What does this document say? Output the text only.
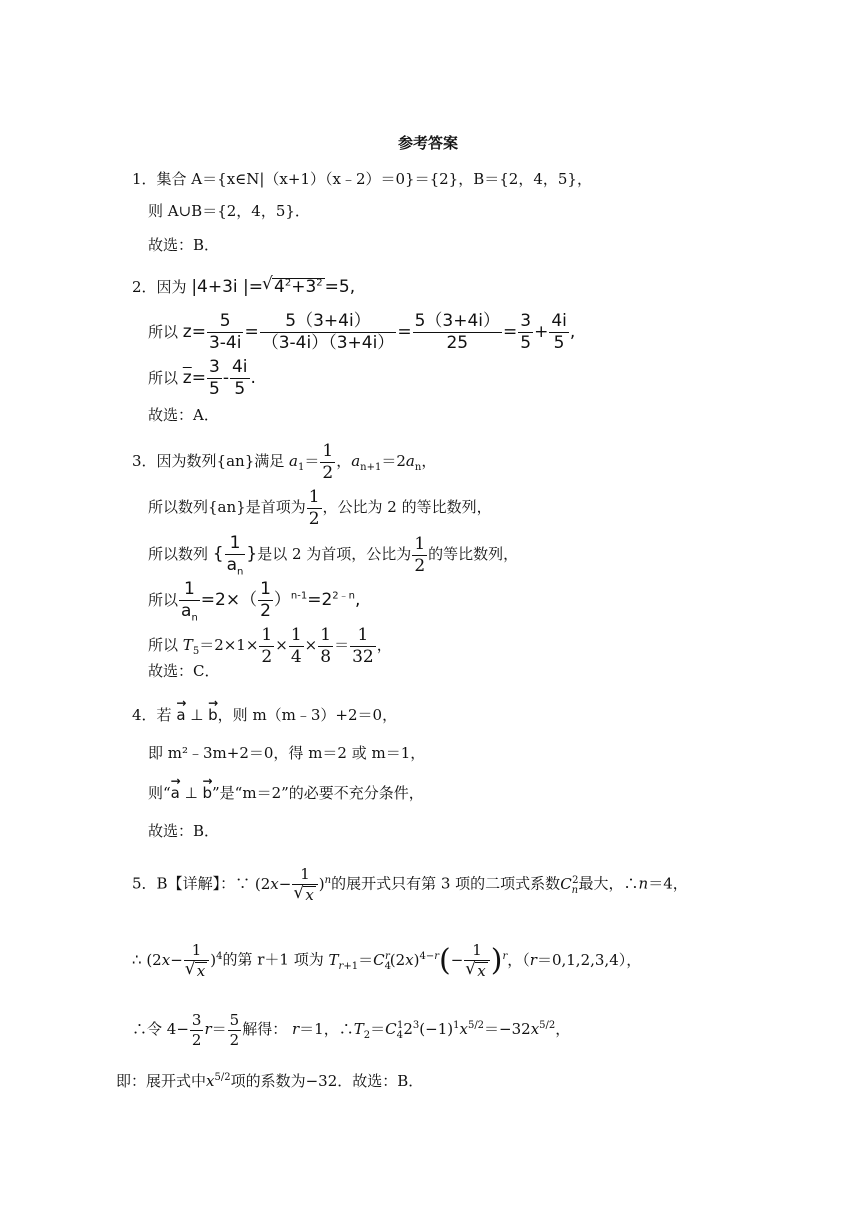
参考答案
1．集合 A＝{x∈N|（x+1）（x﹣2）＝0}＝{2}，B＝{2，4，5}，
则 A∪B＝{2，4，5}．
故选：B．
2．因为 |4+3i |= √ $4^2+3^2 =5$,
所以 $z= \frac{5}{3-4i} = \frac{5(3+4i)}{(3-4i)(3+4i)} = \frac{5(3+4i)}{25} = \frac{3}{5} + \frac{4i}{5}$ ,
所以 $\overline{z}= \frac{3}{5} - \frac{4i}{5}$ .
故选：A．
3．因为数列{an}满足 $a_1= \frac{1}{2}$ ，$a_{n+1}=2a_n$，
所以数列{an}是首项为 $\frac{1}{2}$ ，公比为 2 的等比数列，
所以数列 { $\frac{1}{a_n}$ }是以 2 为首项，公比为 $\frac{1}{2}$ 的等比数列，
所以 $\frac{1}{a_n} =2\times( \frac{1}{2} )^{n-1}=2^{2﹣n}$,
所以 $T_5=2\times 1\times \frac{1}{2} \times \frac{1}{4} \times \frac{1}{8} = \frac{1}{32}$ ，
故选：C．
4．若 → a ⊥ → b，则 m（m﹣3）+2＝0，
即 m²﹣3m+2＝0，得 m＝2 或 m＝1，
则“→ a ⊥ → b”是“m＝2”的必要不充分条件，
故选：B．
5．B【详解】：∵ (2x− 1
√ x )$^n$的展开式只有第 3 项的二项式系数$C_n^2$最大，∴n＝4，
∴ (2x− 1
√ x )$^4$的第 r＋1 项为 $T_{r+1}=C_4^r(2x)^{4-r}(- 1$
√ x )$^r$，（r＝0,1,2,3,4），
∴令 $4- \frac{3}{2} r= \frac{5}{2}$ 解得： r＝1，$\therefore T_2=C_4^12^3(-1)^1x^{5/2}=-32x^{5/2}$，
即：展开式中$x^{5/2}$项的系数为−32．故选：B．
